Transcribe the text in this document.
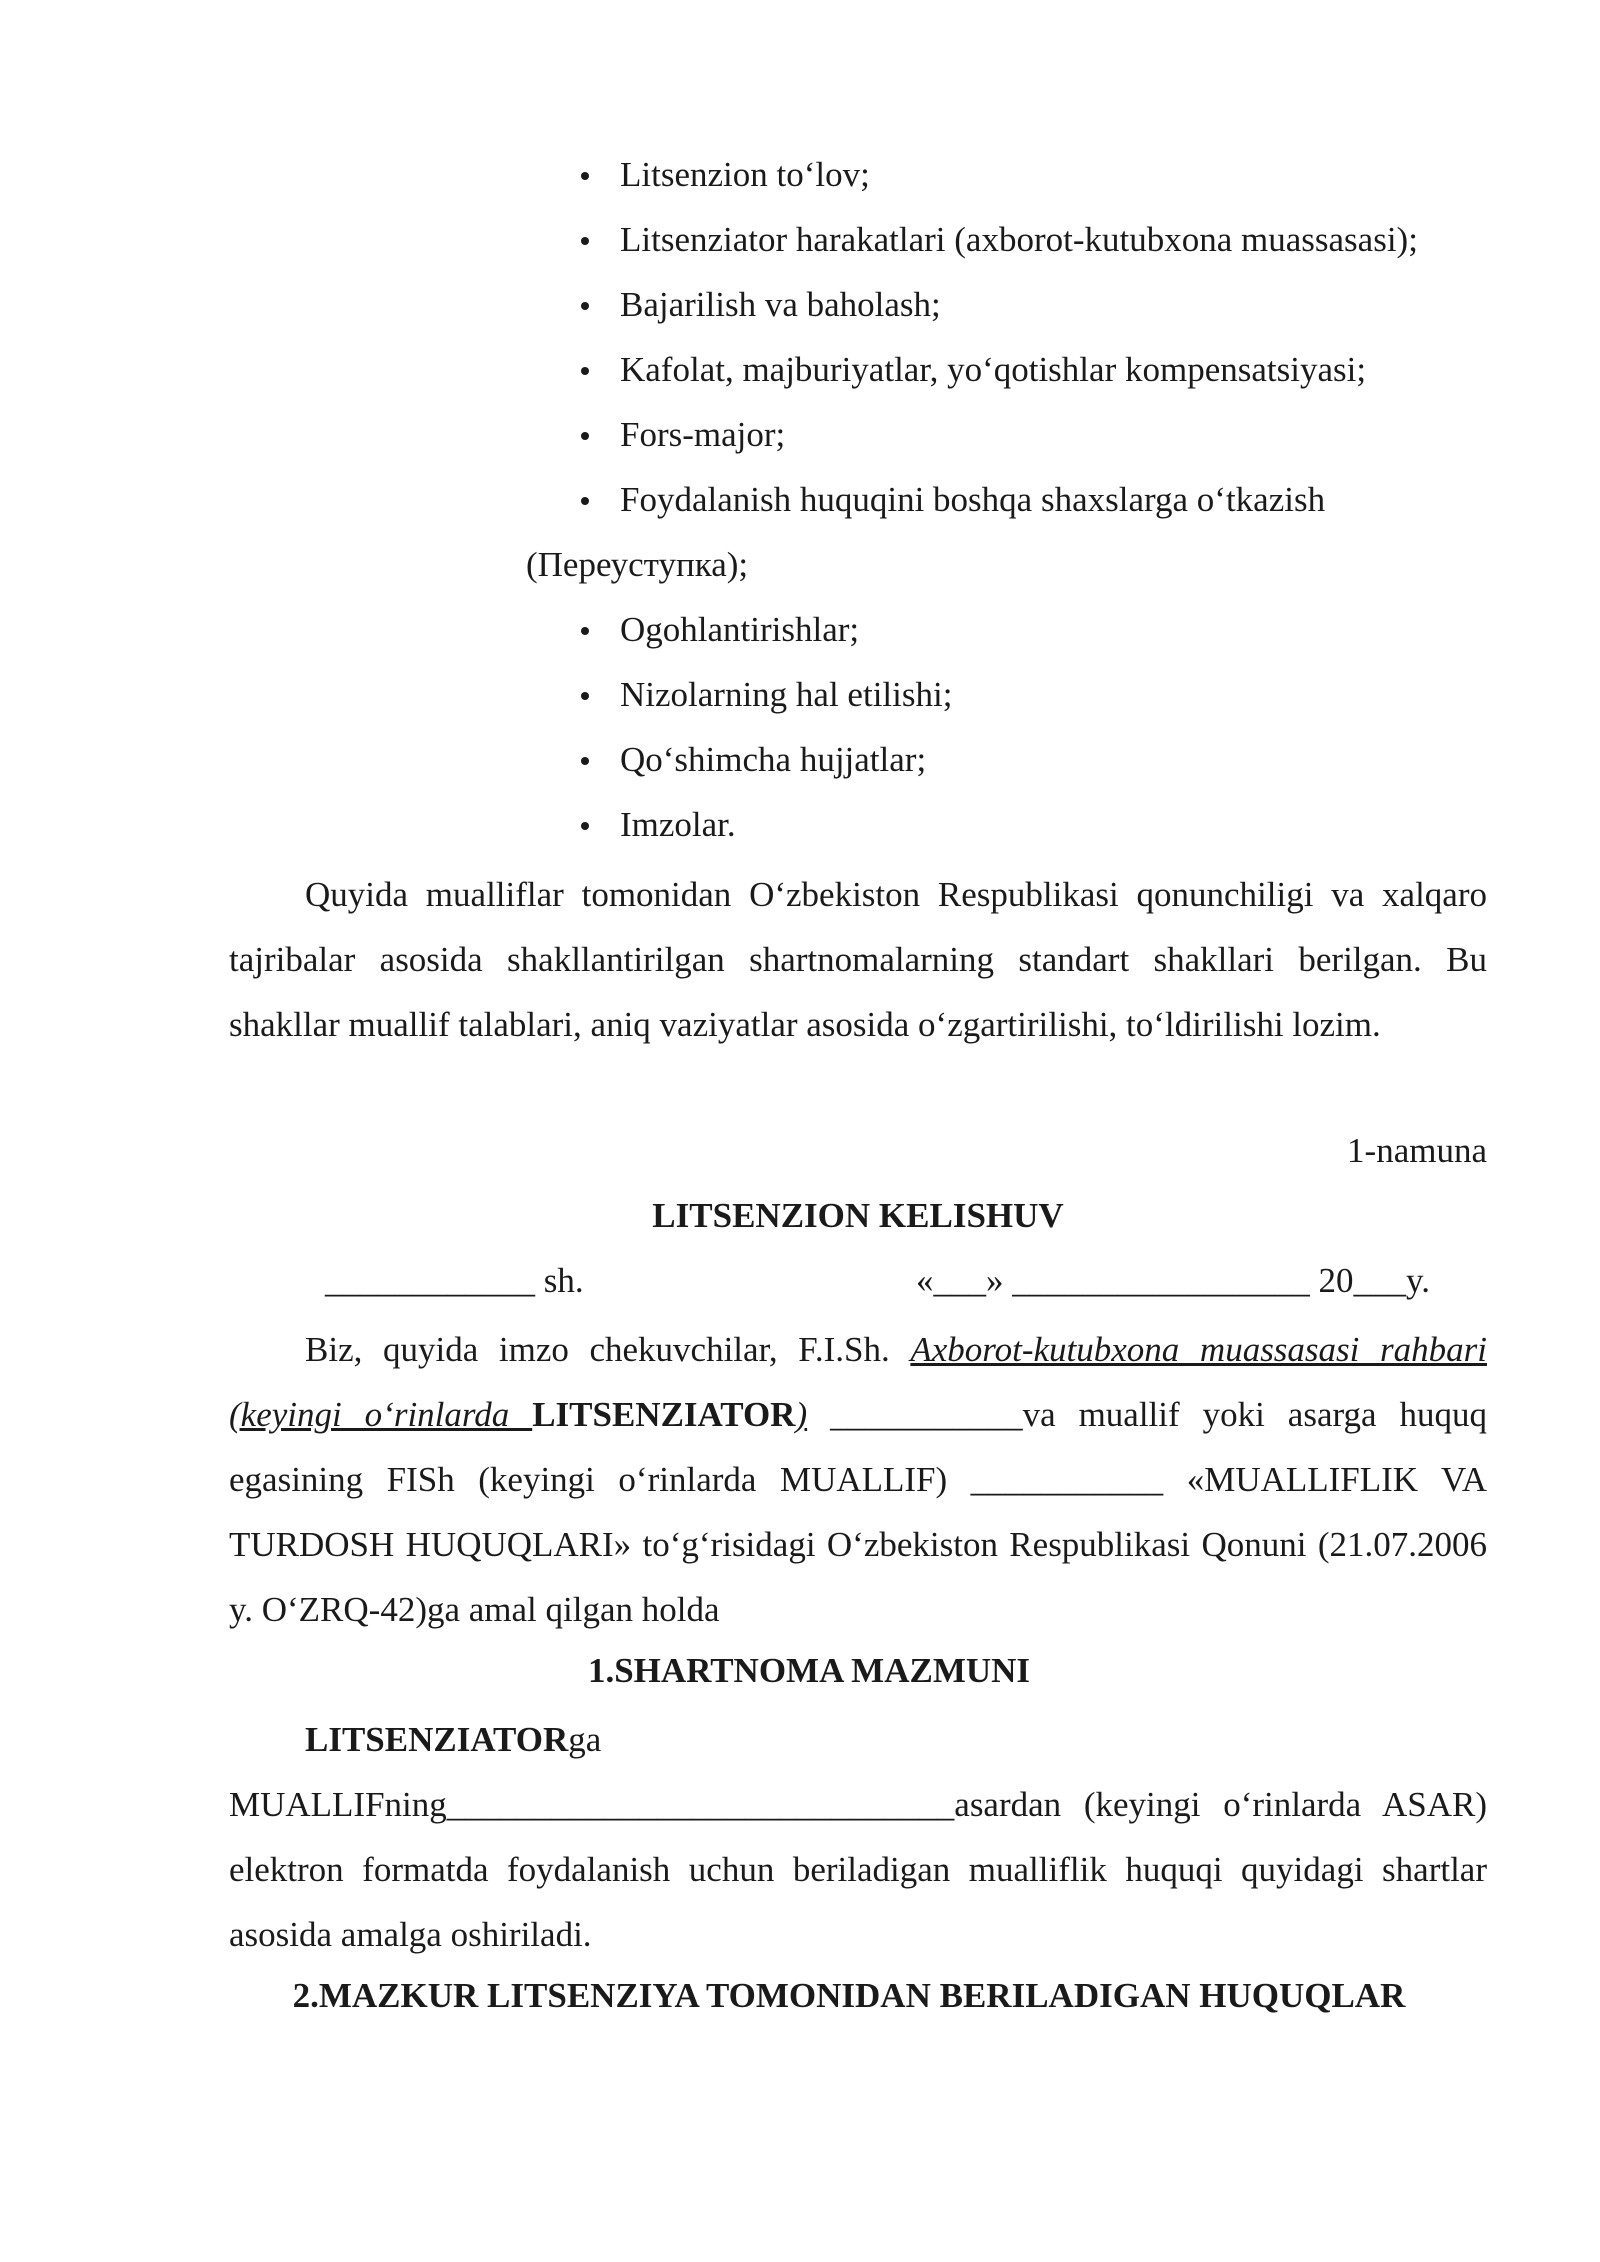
Litsenzion to‘lov;
Litsenziator harakatlari (axborot-kutubxona muassasasi);
Bajarilish va baholash;
Kafolat, majburiyatlar, yo‘qotishlar kompensatsiyasi;
Fors-major;
Foydalanish huquqini boshqa shaxslarga o‘tkazish
(Переуступка);
Ogohlantirishlar;
Nizolarning hal etilishi;
Qo‘shimcha hujjatlar;
Imzolar.

Quyida mualliflar tomonidan O‘zbekiston Respublikasi qonunchiligi va xalqaro tajribalar asosida shakllantirilgan shartnomalarning standart shakllari berilgan. Bu shakllar muallif talablari, aniq vaziyatlar asosida o‘zgartirilishi, to‘ldirilishi lozim.

1-namuna
LITSENZION KELISHUV
____________ sh.	«___» _________________ 20___y.

Biz, quyida imzo chekuvchilar, F.I.Sh. Axborot-kutubxona muassasasi rahbari (keyingi o‘rinlarda LITSENZIATOR) ___________va muallif yoki asarga huquq egasining FISh (keyingi o‘rinlarda MUALLIF) ___________ «MUALLIFLIK VA TURDOSH HUQUQLARI» to‘g‘risidagi O‘zbekiston Respublikasi Qonuni (21.07.2006 y. O‘ZRQ-42)ga amal qilgan holda

1.SHARTNOMA MAZMUNI

LITSENZIATORga
MUALLIFning_____________________________asardan (keyingi o‘rinlarda ASAR) elektron formatda foydalanish uchun beriladigan mualliflik huquqi quyidagi shartlar asosida amalga oshiriladi.

2.MAZKUR LITSENZIYA TOMONIDAN BERILADIGAN HUQUQLAR
